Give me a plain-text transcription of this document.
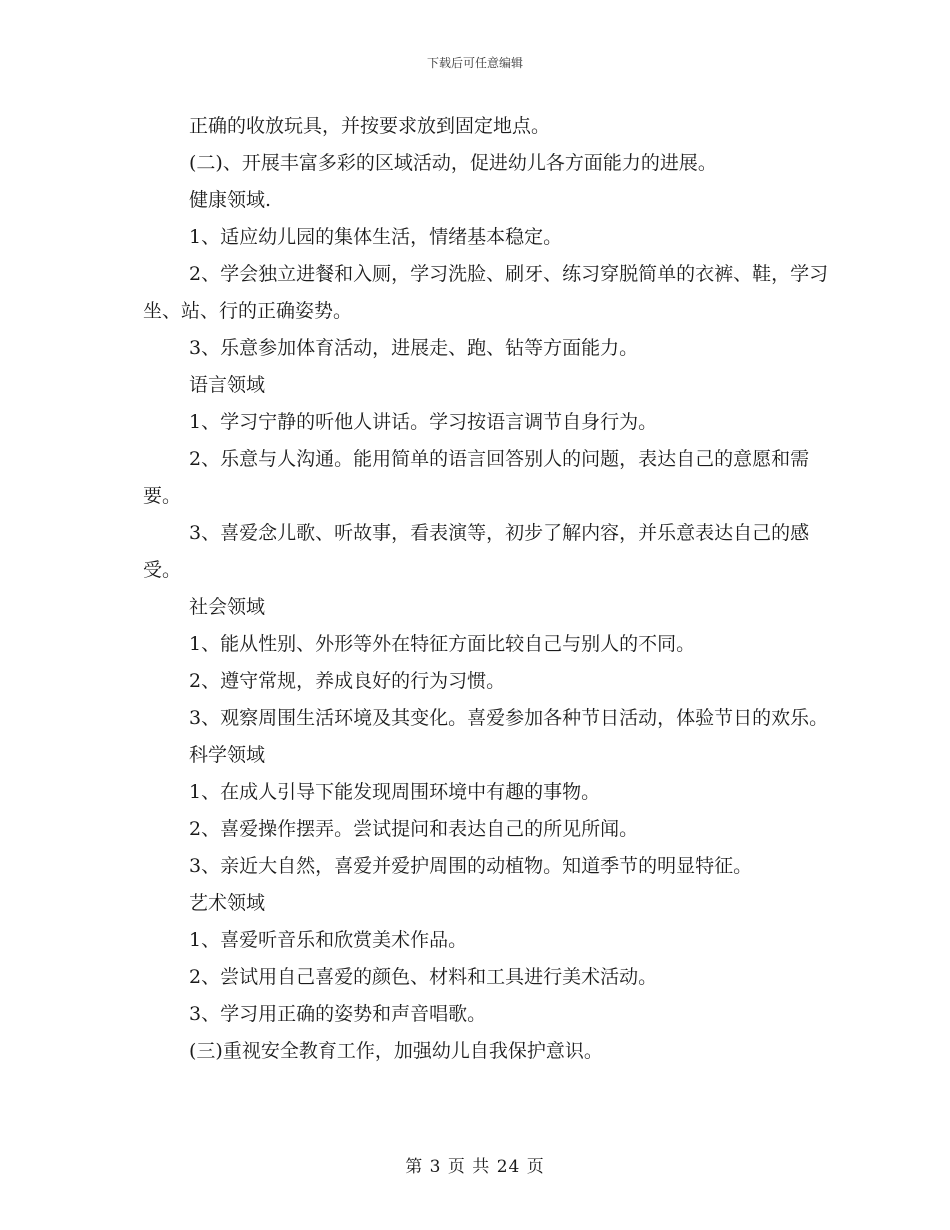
下载后可任意编辑

正确的收放玩具，并按要求放到固定地点。

(二)、开展丰富多彩的区域活动，促进幼儿各方面能力的进展。

健康领域.

1、适应幼儿园的集体生活，情绪基本稳定。

2、学会独立进餐和入厕，学习洗脸、刷牙、练习穿脱简单的衣裤、鞋，学习坐、站、行的正确姿势。

3、乐意参加体育活动，进展走、跑、钻等方面能力。

语言领域

1、学习宁静的听他人讲话。学习按语言调节自身行为。

2、乐意与人沟通。能用简单的语言回答别人的问题，表达自己的意愿和需要。

3、喜爱念儿歌、听故事，看表演等，初步了解内容，并乐意表达自己的感受。

社会领域

1、能从性别、外形等外在特征方面比较自己与别人的不同。

2、遵守常规，养成良好的行为习惯。

3、观察周围生活环境及其变化。喜爱参加各种节日活动，体验节日的欢乐。

科学领域

1、在成人引导下能发现周围环境中有趣的事物。

2、喜爱操作摆弄。尝试提问和表达自己的所见所闻。

3、亲近大自然，喜爱并爱护周围的动植物。知道季节的明显特征。

艺术领域

1、喜爱听音乐和欣赏美术作品。

2、尝试用自己喜爱的颜色、材料和工具进行美术活动。

3、学习用正确的姿势和声音唱歌。

(三)重视安全教育工作，加强幼儿自我保护意识。

第 3 页 共 24 页
